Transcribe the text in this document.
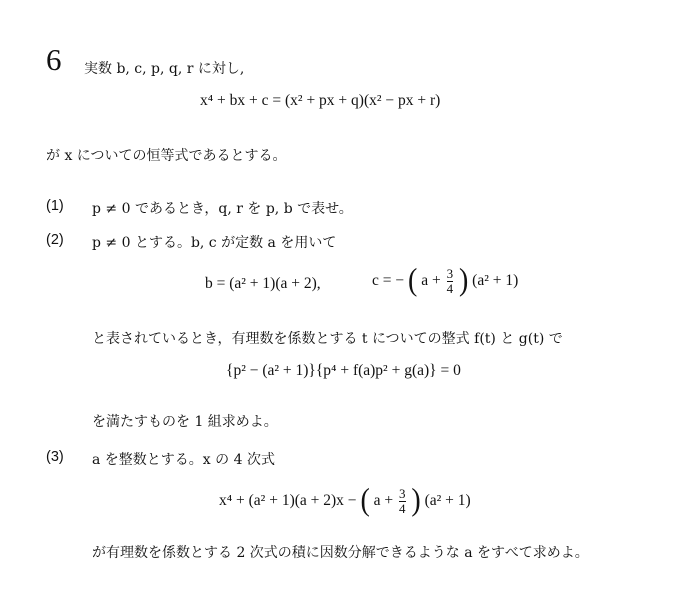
6 実数 b, c, p, q, r に対し,
x⁴ + bx + c = (x² + px + q)(x² − px + r)
が x についての恒等式であるとする。
(1) p ≠ 0 であるとき，q, r を p, b で表せ。
(2) p ≠ 0 とする。b, c が定数 a を用いて
b = (a² + 1)(a + 2),	c = − ( $a + \frac{3}{4}$ ) (a² + 1)
と表されているとき，有理数を係数とする t についての整式 f(t) と g(t) で
{p² − (a² + 1)}{p⁴ + f(a)p² + g(a)} = 0
を満たすものを 1 組求めよ。
(3) a を整数とする。x の 4 次式
x⁴ + (a² + 1)(a + 2)x − ( $a + \frac{3}{4}$ ) (a² + 1)
が有理数を係数とする 2 次式の積に因数分解できるような a をすべて求めよ。
